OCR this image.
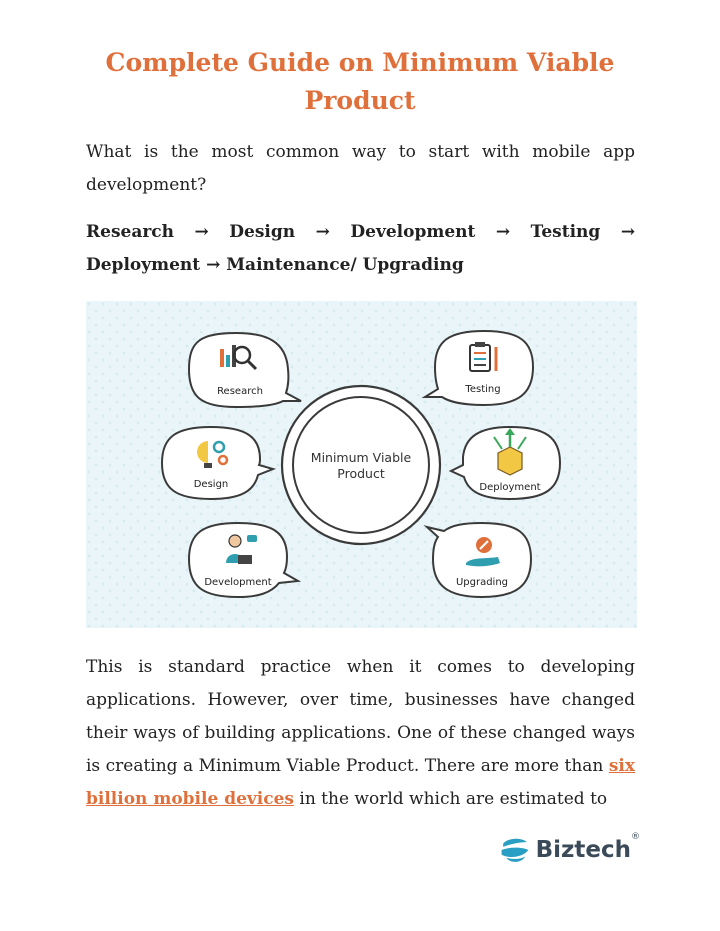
Complete Guide on Minimum Viable Product

What is the most common way to start with mobile app development?

Research → Design → Development → Testing → Deployment → Maintenance/ Upgrading

Minimum Viable
Product
Research	Testing
Design	Deployment
Development	Upgrading

This is standard practice when it comes to developing applications. However, over time, businesses have changed their ways of building applications. One of these changed ways is creating a Minimum Viable Product. There are more than six billion mobile devices in the world which are estimated to

Biztech ®
